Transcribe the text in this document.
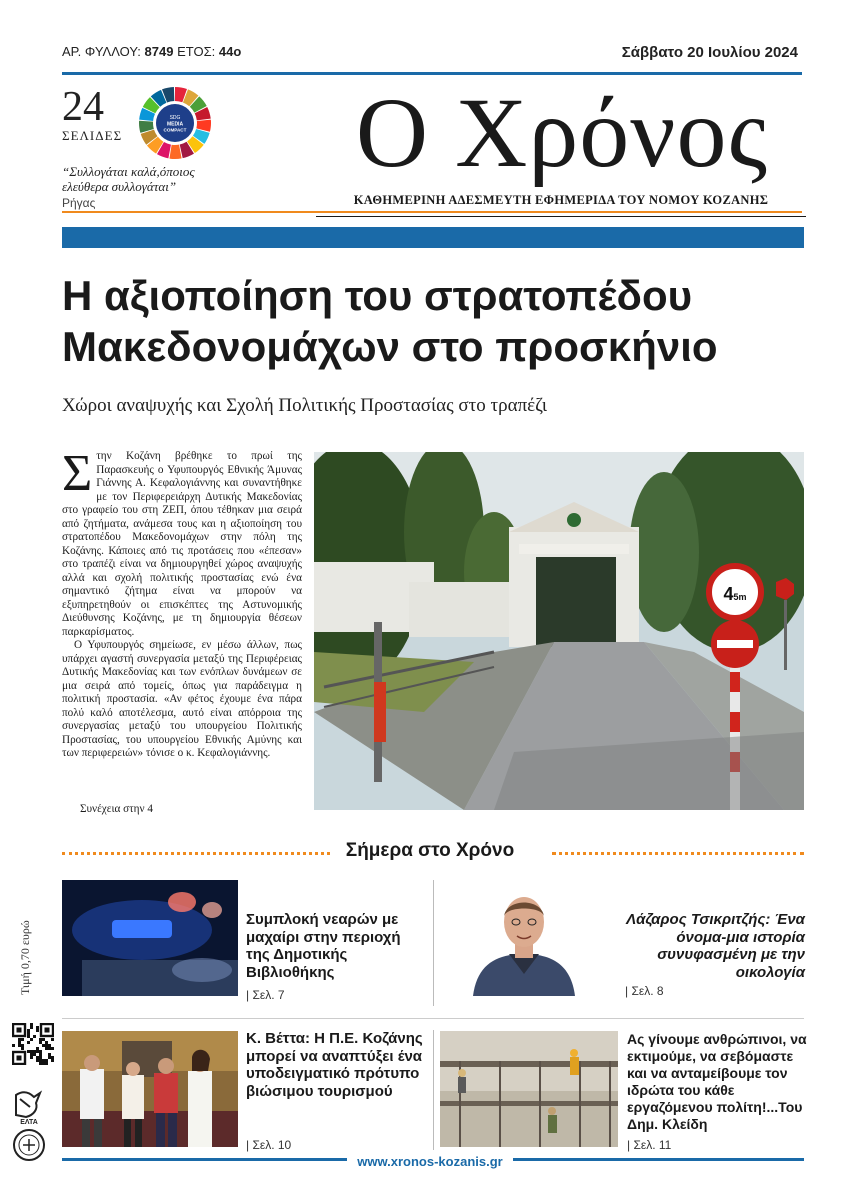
ΑΡ. ΦΥΛΛΟΥ: 8749 ΕΤΟΣ: 44ο	Σάββατο 20 Ιουλίου 2024
24
ΣΕΛΙΔΕΣ
SDG
MEDIA
COMPACT
“Συλλογάται καλά,όποιος ελεύθερα συλλογάται”
Ρήγας
Ο Χρόνος
ΚΑΘΗΜΕΡΙΝΗ ΑΔΕΣΜΕΥΤΗ ΕΦΗΜΕΡΙΔΑ ΤΟΥ ΝΟΜΟΥ ΚΟΖΑΝΗΣ
Η αξιοποίηση του στρατοπέδου Μακεδονομάχων στο προσκήνιο
Χώροι αναψυχής και Σχολή Πολιτικής Προστασίας στο τραπέζι

Στην Κοζάνη βρέθηκε το πρωί της Παρασκευής ο Υφυπουργός Εθνικής Άμυνας Γιάννης Α. Κεφαλογιάννης και συναντήθηκε με τον Περιφερειάρχη Δυτικής Μακεδονίας στο γραφείο του στη ΖΕΠ, όπου τέθηκαν μια σειρά από ζητήματα, ανάμεσα τους και η αξιοποίηση του στρατοπέδου Μακεδονομάχων στην πόλη της Κοζάνης. Κάποιες από τις προτάσεις που «έπεσαν» στο τραπέζι είναι να δημιουργηθεί χώρος αναψυχής αλλά και σχολή πολιτικής προστασίας ενώ ένα σημαντικό ζήτημα είναι να μπορούν να εξυπηρετηθούν οι επισκέπτες της Αστυνομικής Διεύθυνσης Κοζάνης, με τη δημιουργία θέσεων παρκαρίσματος.

Ο Υφυπουργός σημείωσε, εν μέσω άλλων, πως υπάρχει αγαστή συνεργασία μεταξύ της Περιφέρειας Δυτικής Μακεδονίας και των ενόπλων δυνάμεων σε μια σειρά από τομείς, όπως για παράδειγμα η πολιτική προστασία. «Αν φέτος έχουμε ένα πάρα πολύ καλό αποτέλεσμα, αυτό είναι απόρροια της συνεργασίας μεταξύ του υπουργείου Πολιτικής Προστασίας, του υπουργείου Εθνικής Αμύνης και των περιφερειών» τόνισε ο κ. Κεφαλογιάννης.

Συνέχεια στην 4
45m
Σήμερα στο Χρόνο
Συμπλοκή νεαρών με μαχαίρι στην περιοχή της Δημοτικής Βιβλιοθήκης
| Σελ. 7
Λάζαρος Τσικριτζής: Ένα όνομα-μια ιστορία συνυφασμένη με την οικολογία
| Σελ. 8
Κ. Βέττα: Η Π.Ε. Κοζάνης μπορεί να αναπτύξει ένα υποδειγματικό πρότυπο βιώσιμου τουρισμού
| Σελ. 10
Ας γίνουμε ανθρώπινοι, να εκτιμούμε, να σεβόμαστε και να ανταμείβουμε τον ιδρώτα του κάθε εργαζόμενου πολίτη!...Του Δημ. Κλείδη
| Σελ. 11
Τιμή 0,70 ευρώ
ΕΛΤΑ
www.xronos-kozanis.gr
